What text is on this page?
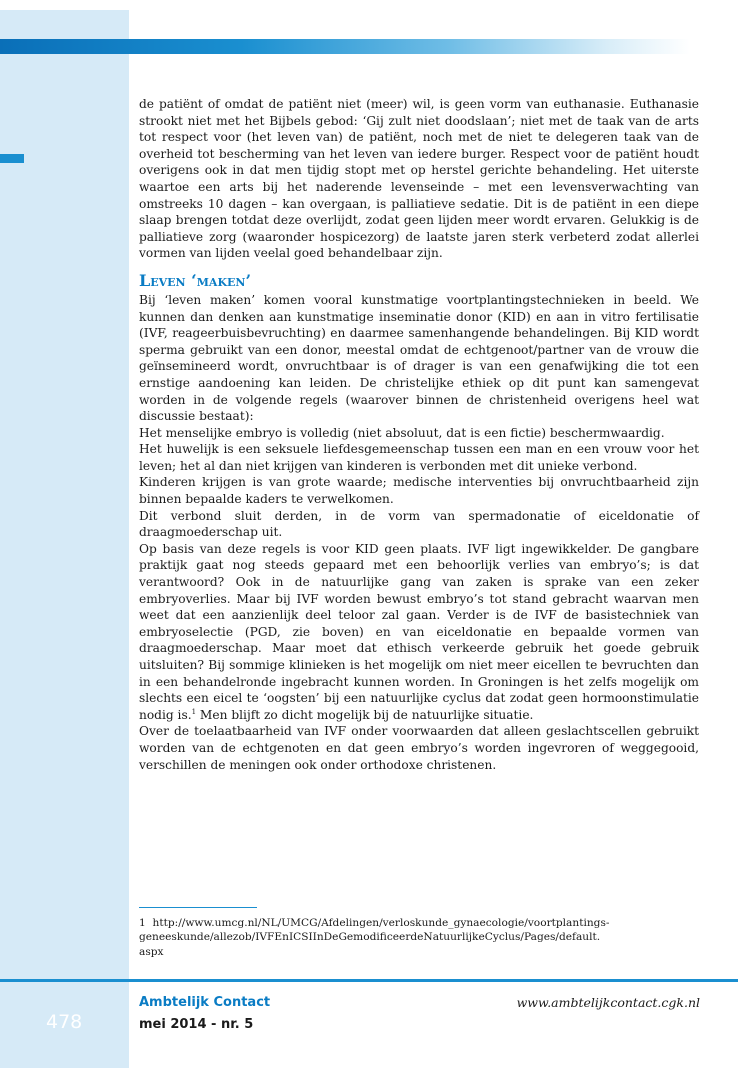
de patiënt of omdat de patiënt niet (meer) wil, is geen vorm van euthanasie. Euthanasie strookt niet met het Bijbels gebod: ‘Gij zult niet doodslaan’; niet met de taak van de arts tot respect voor (het leven van) de patiënt, noch met de niet te delegeren taak van de overheid tot bescherming van het leven van iedere burger. Respect voor de patiënt houdt overigens ook in dat men tijdig stopt met op herstel gerichte behandeling. Het uiterste waartoe een arts bij het naderende levenseinde – met een levensverwachting van omstreeks 10 dagen – kan overgaan, is palliatieve sedatie. Dit is de patiënt in een diepe slaap brengen totdat deze overlijdt, zodat geen lijden meer wordt ervaren. Gelukkig is de palliatieve zorg (waaronder hospicezorg) de laatste jaren sterk verbeterd zodat allerlei vormen van lijden veelal goed behandelbaar zijn.

Leven ‘maken’

Bij ‘leven maken’ komen vooral kunstmatige voortplantingstechnieken in beeld. We kunnen dan denken aan kunstmatige inseminatie donor (KID) en aan in vitro fertilisatie (IVF, reageerbuisbevruchting) en daarmee samenhangende behandelingen. Bij KID wordt sperma gebruikt van een donor, meestal omdat de echtgenoot/partner van de vrouw die geïnsemineerd wordt, onvruchtbaar is of drager is van een genafwijking die tot een ernstige aandoening kan leiden. De christelijke ethiek op dit punt kan samengevat worden in de volgende regels (waarover binnen de christenheid overigens heel wat discussie bestaat):

Het menselijke embryo is volledig (niet absoluut, dat is een fictie) beschermwaardig.

Het huwelijk is een seksuele liefdesgemeenschap tussen een man en een vrouw voor het leven; het al dan niet krijgen van kinderen is verbonden met dit unieke verbond.

Kinderen krijgen is van grote waarde; medische interventies bij onvruchtbaarheid zijn binnen bepaalde kaders te verwelkomen.

Dit verbond sluit derden, in de vorm van spermadonatie of eiceldonatie of draagmoederschap uit.

Op basis van deze regels is voor KID geen plaats. IVF ligt ingewikkelder. De gangbare praktijk gaat nog steeds gepaard met een behoorlijk verlies van embryo’s; is dat verantwoord? Ook in de natuurlijke gang van zaken is sprake van een zeker embryoverlies. Maar bij IVF worden bewust embryo’s tot stand gebracht waarvan men weet dat een aanzienlijk deel teloor zal gaan. Verder is de IVF de basistechniek van embryoselectie (PGD, zie boven) en van eiceldonatie en bepaalde vormen van draagmoederschap. Maar moet dat ethisch verkeerde gebruik het goede gebruik uitsluiten? Bij sommige klinieken is het mogelijk om niet meer eicellen te bevruchten dan in een behandelronde ingebracht kunnen worden. In Groningen is het zelfs mogelijk om slechts een eicel te ‘oogsten’ bij een natuurlijke cyclus dat zodat geen hormoonstimulatie nodig is.$^1$ Men blijft zo dicht mogelijk bij de natuurlijke situatie.

Over de toelaatbaarheid van IVF onder voorwaarden dat alleen geslachtscellen gebruikt worden van de echtgenoten en dat geen embryo’s worden ingevroren of weggegooid, verschillen de meningen ook onder orthodoxe christenen.

1 http://www.umcg.nl/NL/UMCG/Afdelingen/verloskunde_gynaecologie/voortplantings-
geneeskunde/allezob/IVFEnICSIInDeGemodificeerdeNatuurlijkeCyclus/Pages/default.
aspx
478
Ambtelijk Contact
mei 2014 - nr. 5
www.ambtelijkcontact.cgk.nl
